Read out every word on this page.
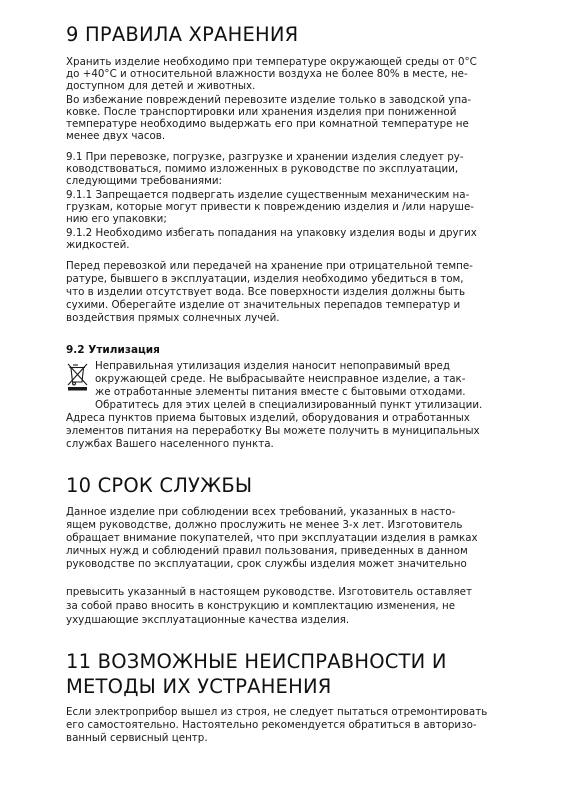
9 ПРАВИЛА ХРАНЕНИЯ
Хранить изделие необходимо при температуре окружающей среды от 0°С
до +40°С и относительной влажности воздуха не более 80% в месте, не-
доступном для детей и животных.
Во избежание повреждений перевозите изделие только в заводской упа-
ковке. После транспортировки или хранения изделия при пониженной
температуре необходимо выдержать его при комнатной температуре не
менее двух часов.
9.1 При перевозке, погрузке, разгрузке и хранении изделия следует ру-
ководствоваться, помимо изложенных в руководстве по эксплуатации,
следующими требованиями:
9.1.1 Запрещается подвергать изделие существенным механическим на-
грузкам, которые могут привести к повреждению изделия и /или наруше-
нию его упаковки;
9.1.2 Необходимо избегать попадания на упаковку изделия воды и других
жидкостей.
Перед перевозкой или передачей на хранение при отрицательной темпе-
ратуре, бывшего в эксплуатации, изделия необходимо убедиться в том,
что в изделии отсутствует вода. Все поверхности изделия должны быть
сухими. Оберегайте изделие от значительных перепадов температур и
воздействия прямых солнечных лучей.
9.2 Утилизация
Неправильная утилизация изделия наносит непоправимый вред
окружающей среде. Не выбрасывайте неисправное изделие, а так-
же отработанные элементы питания вместе с бытовыми отходами.
Обратитесь для этих целей в специализированный пункт утилизации.
Адреса пунктов приема бытовых изделий, оборудования и отработанных
элементов питания на переработку Вы можете получить в муниципальных
службах Вашего населенного пункта.
10 СРОК СЛУЖБЫ
Данное изделие при соблюдении всех требований, указанных в насто-
ящем руководстве, должно прослужить не менее 3-х лет. Изготовитель
обращает внимание покупателей, что при эксплуатации изделия в рамках
личных нужд и соблюдений правил пользования, приведенных в данном
руководстве по эксплуатации, срок службы изделия может значительно
превысить указанный в настоящем руководстве. Изготовитель оставляет
за собой право вносить в конструкцию и комплектацию изменения, не
ухудшающие эксплуатационные качества изделия.
11 ВОЗМОЖНЫЕ НЕИСПРАВНОСТИ И
МЕТОДЫ ИХ УСТРАНЕНИЯ
Если электроприбор вышел из строя, не следует пытаться отремонтировать
его самостоятельно. Настоятельно рекомендуется обратиться в авторизо-
ванный сервисный центр.
